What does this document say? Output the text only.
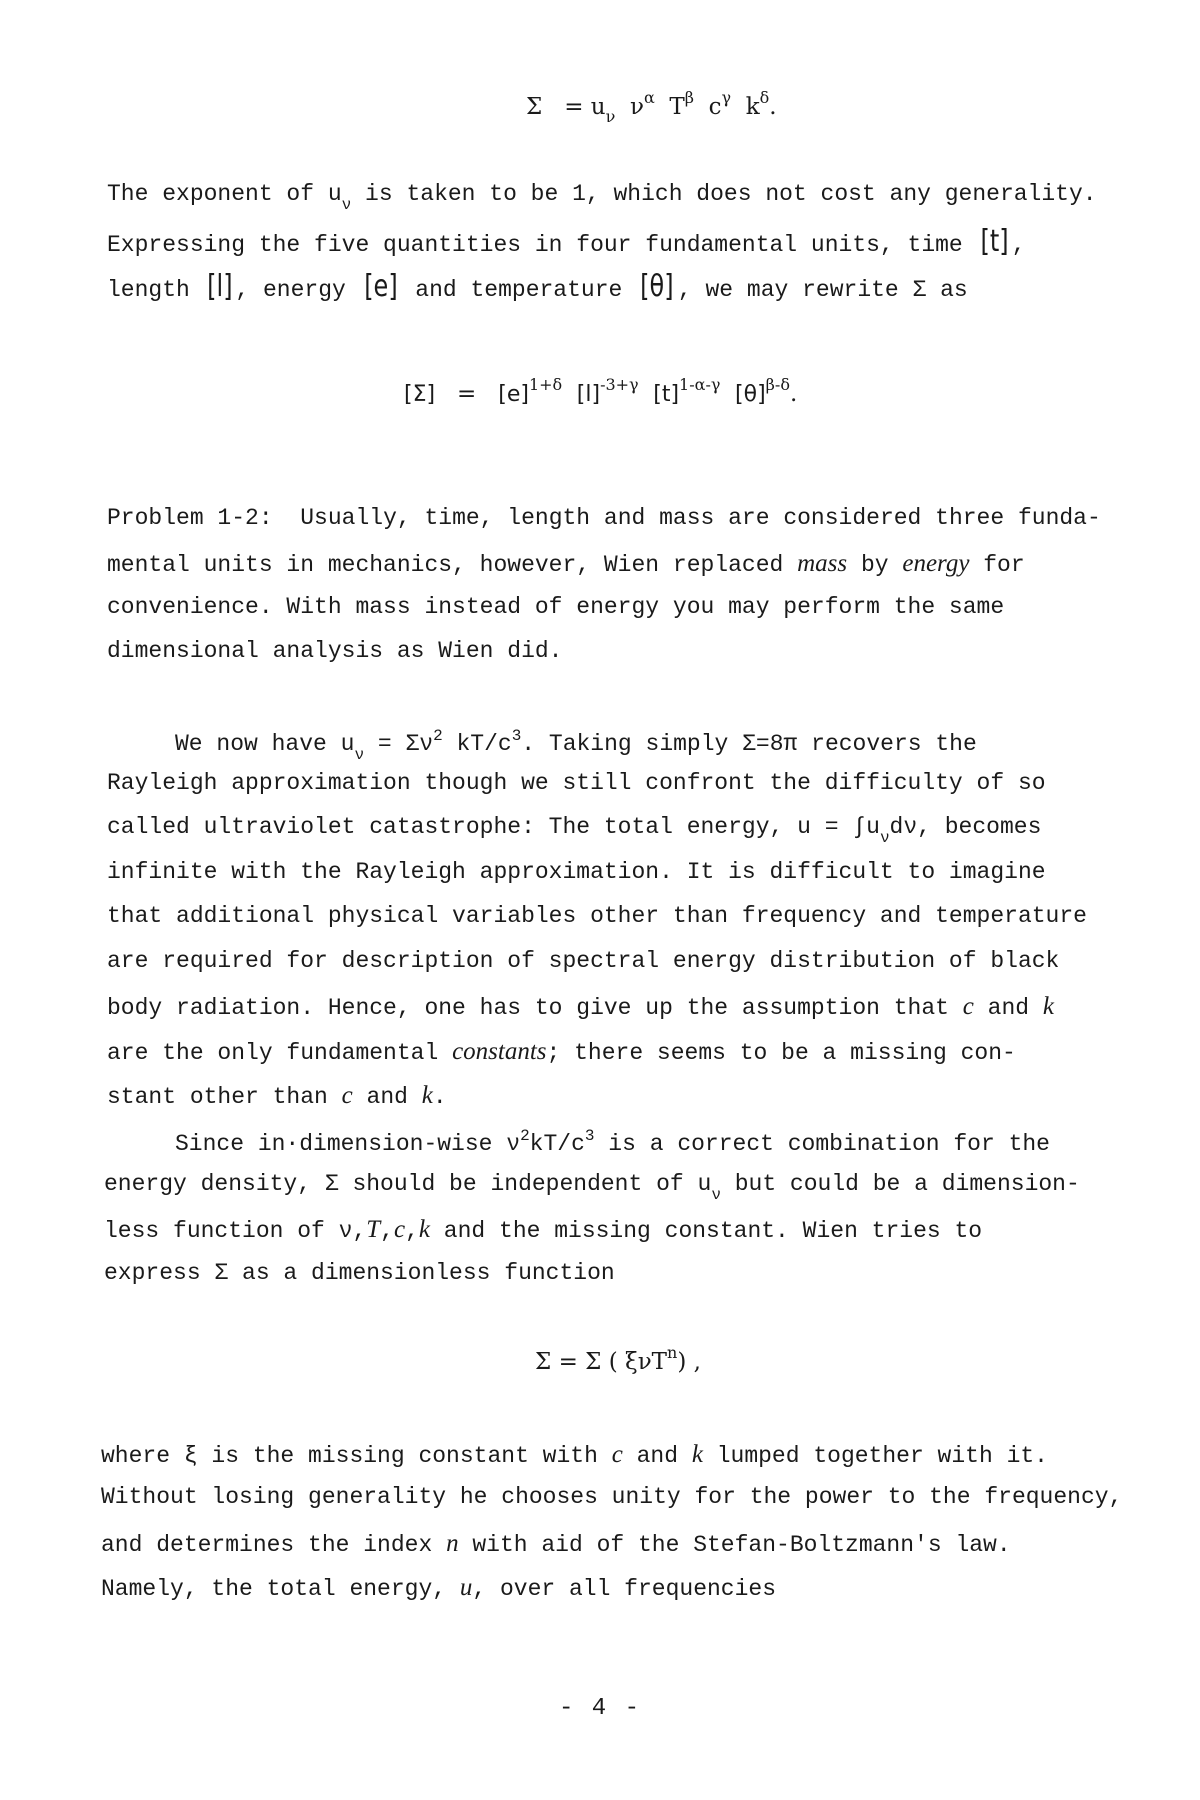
$\Sigma = u_\nu$ $\nu^\alpha$ $T^\beta$ $c^\gamma$ $k^\delta$.
The exponent of $u_\nu$ is taken to be 1, which does not cost any generality.
Expressing the five quantities in four fundamental units, time [t] ,
length [l] , energy [e] and temperature [θ] , we may rewrite Σ as
$[\Sigma] = [e]^{1+\delta}$ $[l]^{-3+\gamma}$ $[t]^{1-\alpha-\gamma}$ $[\theta]^{\beta-\delta}$.
Problem 1-2: Usually, time, length and mass are considered three funda-
mental units in mechanics, however, Wien replaced mass by energy for
convenience. With mass instead of energy you may perform the same
dimensional analysis as Wien did.
We now have $u_\nu = \Sigma\nu^2$ $kT/c^3$. Taking simply Σ=8π recovers the
Rayleigh approximation though we still confront the difficulty of so
called ultraviolet catastrophe: The total energy, $u = \int u_\nu d\nu$, becomes
infinite with the Rayleigh approximation. It is difficult to imagine
that additional physical variables other than frequency and temperature
are required for description of spectral energy distribution of black
body radiation. Hence, one has to give up the assumption that c and k
are the only fundamental constants; there seems to be a missing con-
stant other than c and k.
Since in·dimension-wise $\nu^2kT/c^3$ is a correct combination for the
energy density, Σ should be independent of $u_\nu$ but could be a dimension-
less function of ν,T,c,k and the missing constant. Wien tries to
express Σ as a dimensionless function
Σ = Σ ( ξνT$^n$) ,
where ξ is the missing constant with c and k lumped together with it.
Without losing generality he chooses unity for the power to the frequency,
and determines the index n with aid of the Stefan-Boltzmann's law.
Namely, the total energy, u, over all frequencies
- 4 -
